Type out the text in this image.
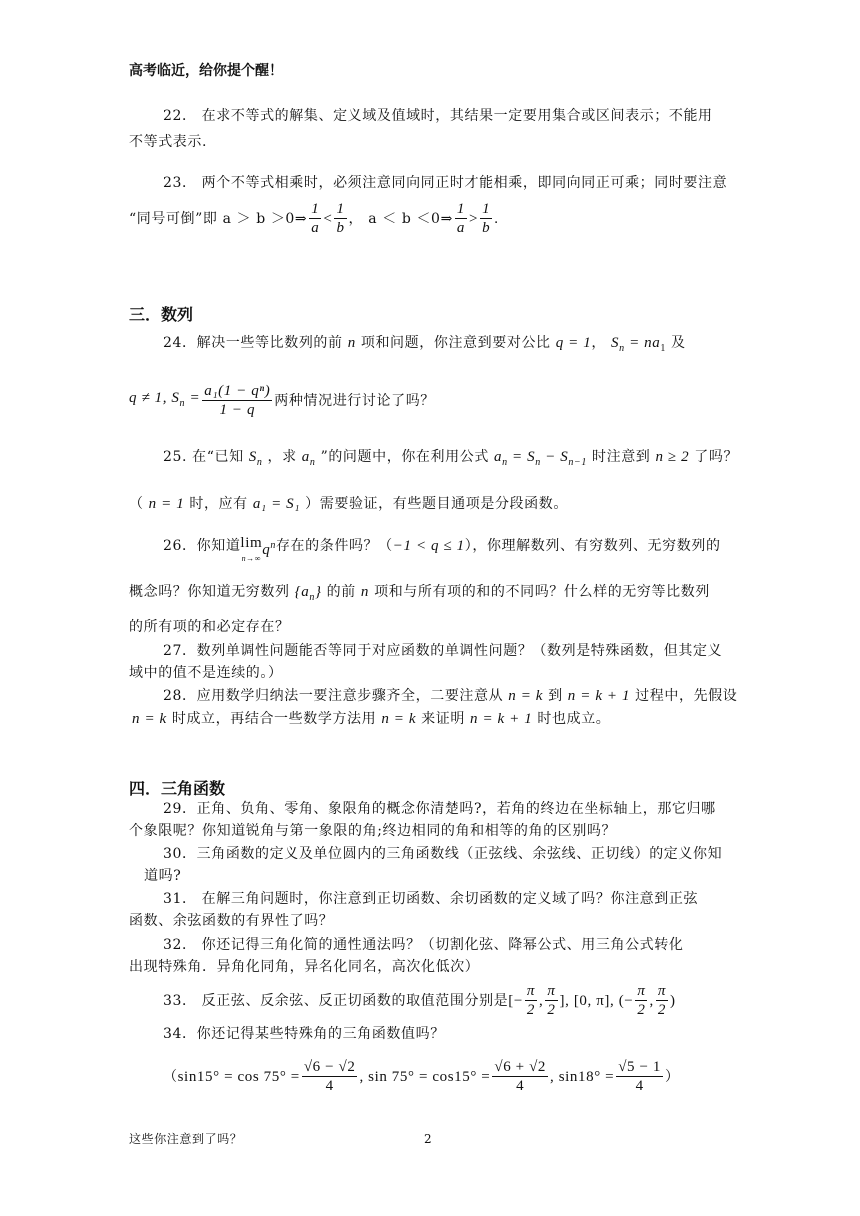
高考临近，给你提个醒！
22． 在求不等式的解集、定义域及值域时，其结果一定要用集合或区间表示；不能用
不等式表示.
23． 两个不等式相乘时，必须注意同向同正时才能相乘，即同向同正可乘；同时要注意
“同号可倒”即 a ＞ b ＞0⇒ $\frac{1}{a} < \frac{1}{b}$ ， a ＜ b ＜0⇒ $\frac{1}{a} > \frac{1}{b}$ .
三．数列
24．解决一些等比数列的前 n 项和问题，你注意到要对公比 q = 1， $S_n = na_1$ 及
q ≠ 1, $S_n = \frac{\text{a₁(1 − qⁿ)}}{1 - q}$ 两种情况进行讨论了吗？
25. 在“已知 $S_n$ ，求 $a_n$ ”的问题中，你在利用公式 $a_n = S_n - S_{n-1}$ 时注意到 n ≥ 2 了吗？
（ n = 1 时，应有 a₁ = S₁ ）需要验证，有些题目通项是分段函数。
26．你知道 lim
n→∞
$q^n$ 存在的条件吗？（ −1 < q ≤ 1 ），你理解数列、有穷数列、无穷数列的
概念吗？你知道无穷数列 $\{a_n\}$ 的前 n 项和与所有项的和的不同吗？什么样的无穷等比数列
的所有项的和必定存在？
27．数列单调性问题能否等同于对应函数的单调性问题？（数列是特殊函数，但其定义
域中的值不是连续的。）
28．应用数学归纳法一要注意步骤齐全，二要注意从 n = k 到 n = k + 1 过程中，先假设
n = k 时成立，再结合一些数学方法用 n = k 来证明 n = k + 1 时也成立。
四．三角函数
29．正角、负角、零角、象限角的概念你清楚吗?，若角的终边在坐标轴上，那它归哪
个象限呢？你知道锐角与第一象限的角;终边相同的角和相等的角的区别吗？
30．三角函数的定义及单位圆内的三角函数线（正弦线、余弦线、正切线）的定义你知
道吗?
31． 在解三角问题时，你注意到正切函数、余切函数的定义域了吗？你注意到正弦
函数、余弦函数的有界性了吗？
32． 你还记得三角化简的通性通法吗？（切割化弦、降幂公式、用三角公式转化
出现特殊角．异角化同角，异名化同名，高次化低次）
33． 反正弦、反余弦、反正切函数的取值范围分别是 [− $\frac{\pi}{2}$ , $\frac{\pi}{2}$ ], [0, π], (− $\frac{\pi}{2}$ , $\frac{\pi}{2}$ )
34．你还记得某些特殊角的三角函数值吗？
（ $\sin 15^\circ = \cos 75^\circ = \frac{√6 - √2}{4}$ , $\sin 75^\circ = \cos 15^\circ = \frac{√6 + √2}{4}$ , $\sin 18^\circ = \frac{√5 - 1}{4}$ ）
这些你注意到了吗？	2
